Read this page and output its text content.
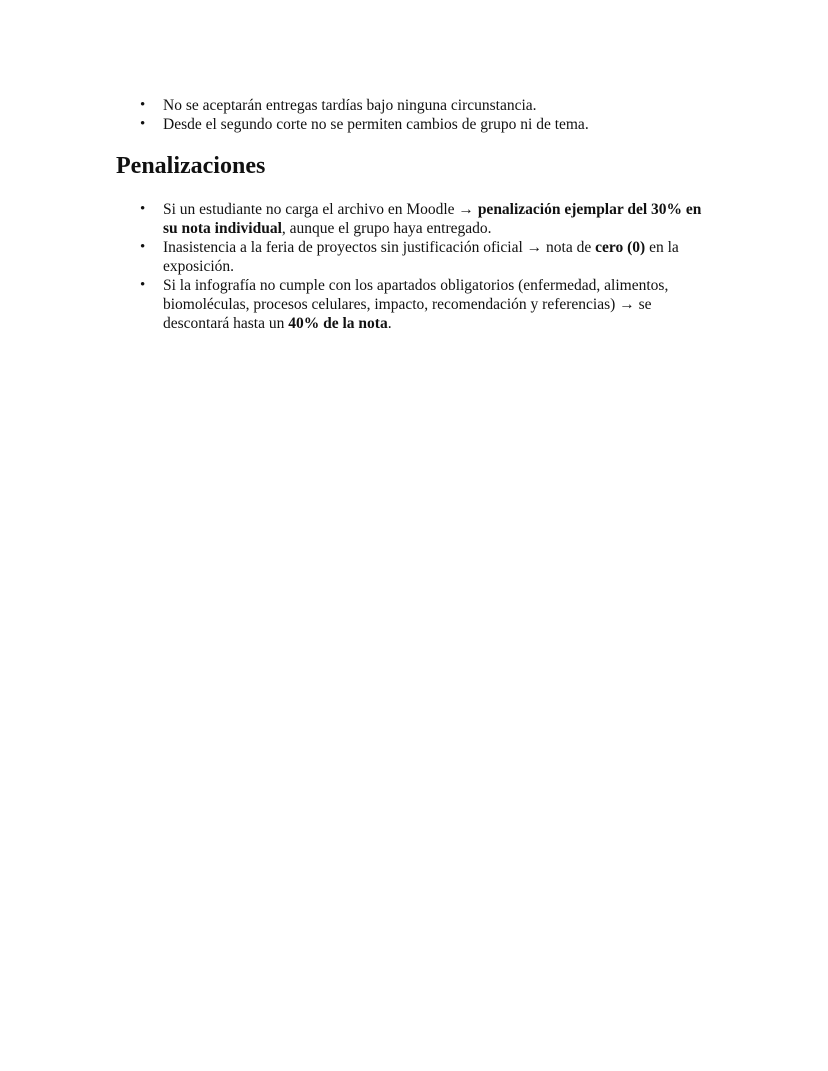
• No se aceptarán entregas tardías bajo ninguna circunstancia.
• Desde el segundo corte no se permiten cambios de grupo ni de tema.
Penalizaciones
• Si un estudiante no carga el archivo en Moodle → penalización ejemplar del 30% en su nota individual, aunque el grupo haya entregado.
• Inasistencia a la feria de proyectos sin justificación oficial → nota de cero (0) en la exposición.
• Si la infografía no cumple con los apartados obligatorios (enfermedad, alimentos, biomoléculas, procesos celulares, impacto, recomendación y referencias) → se descontará hasta un 40% de la nota.
